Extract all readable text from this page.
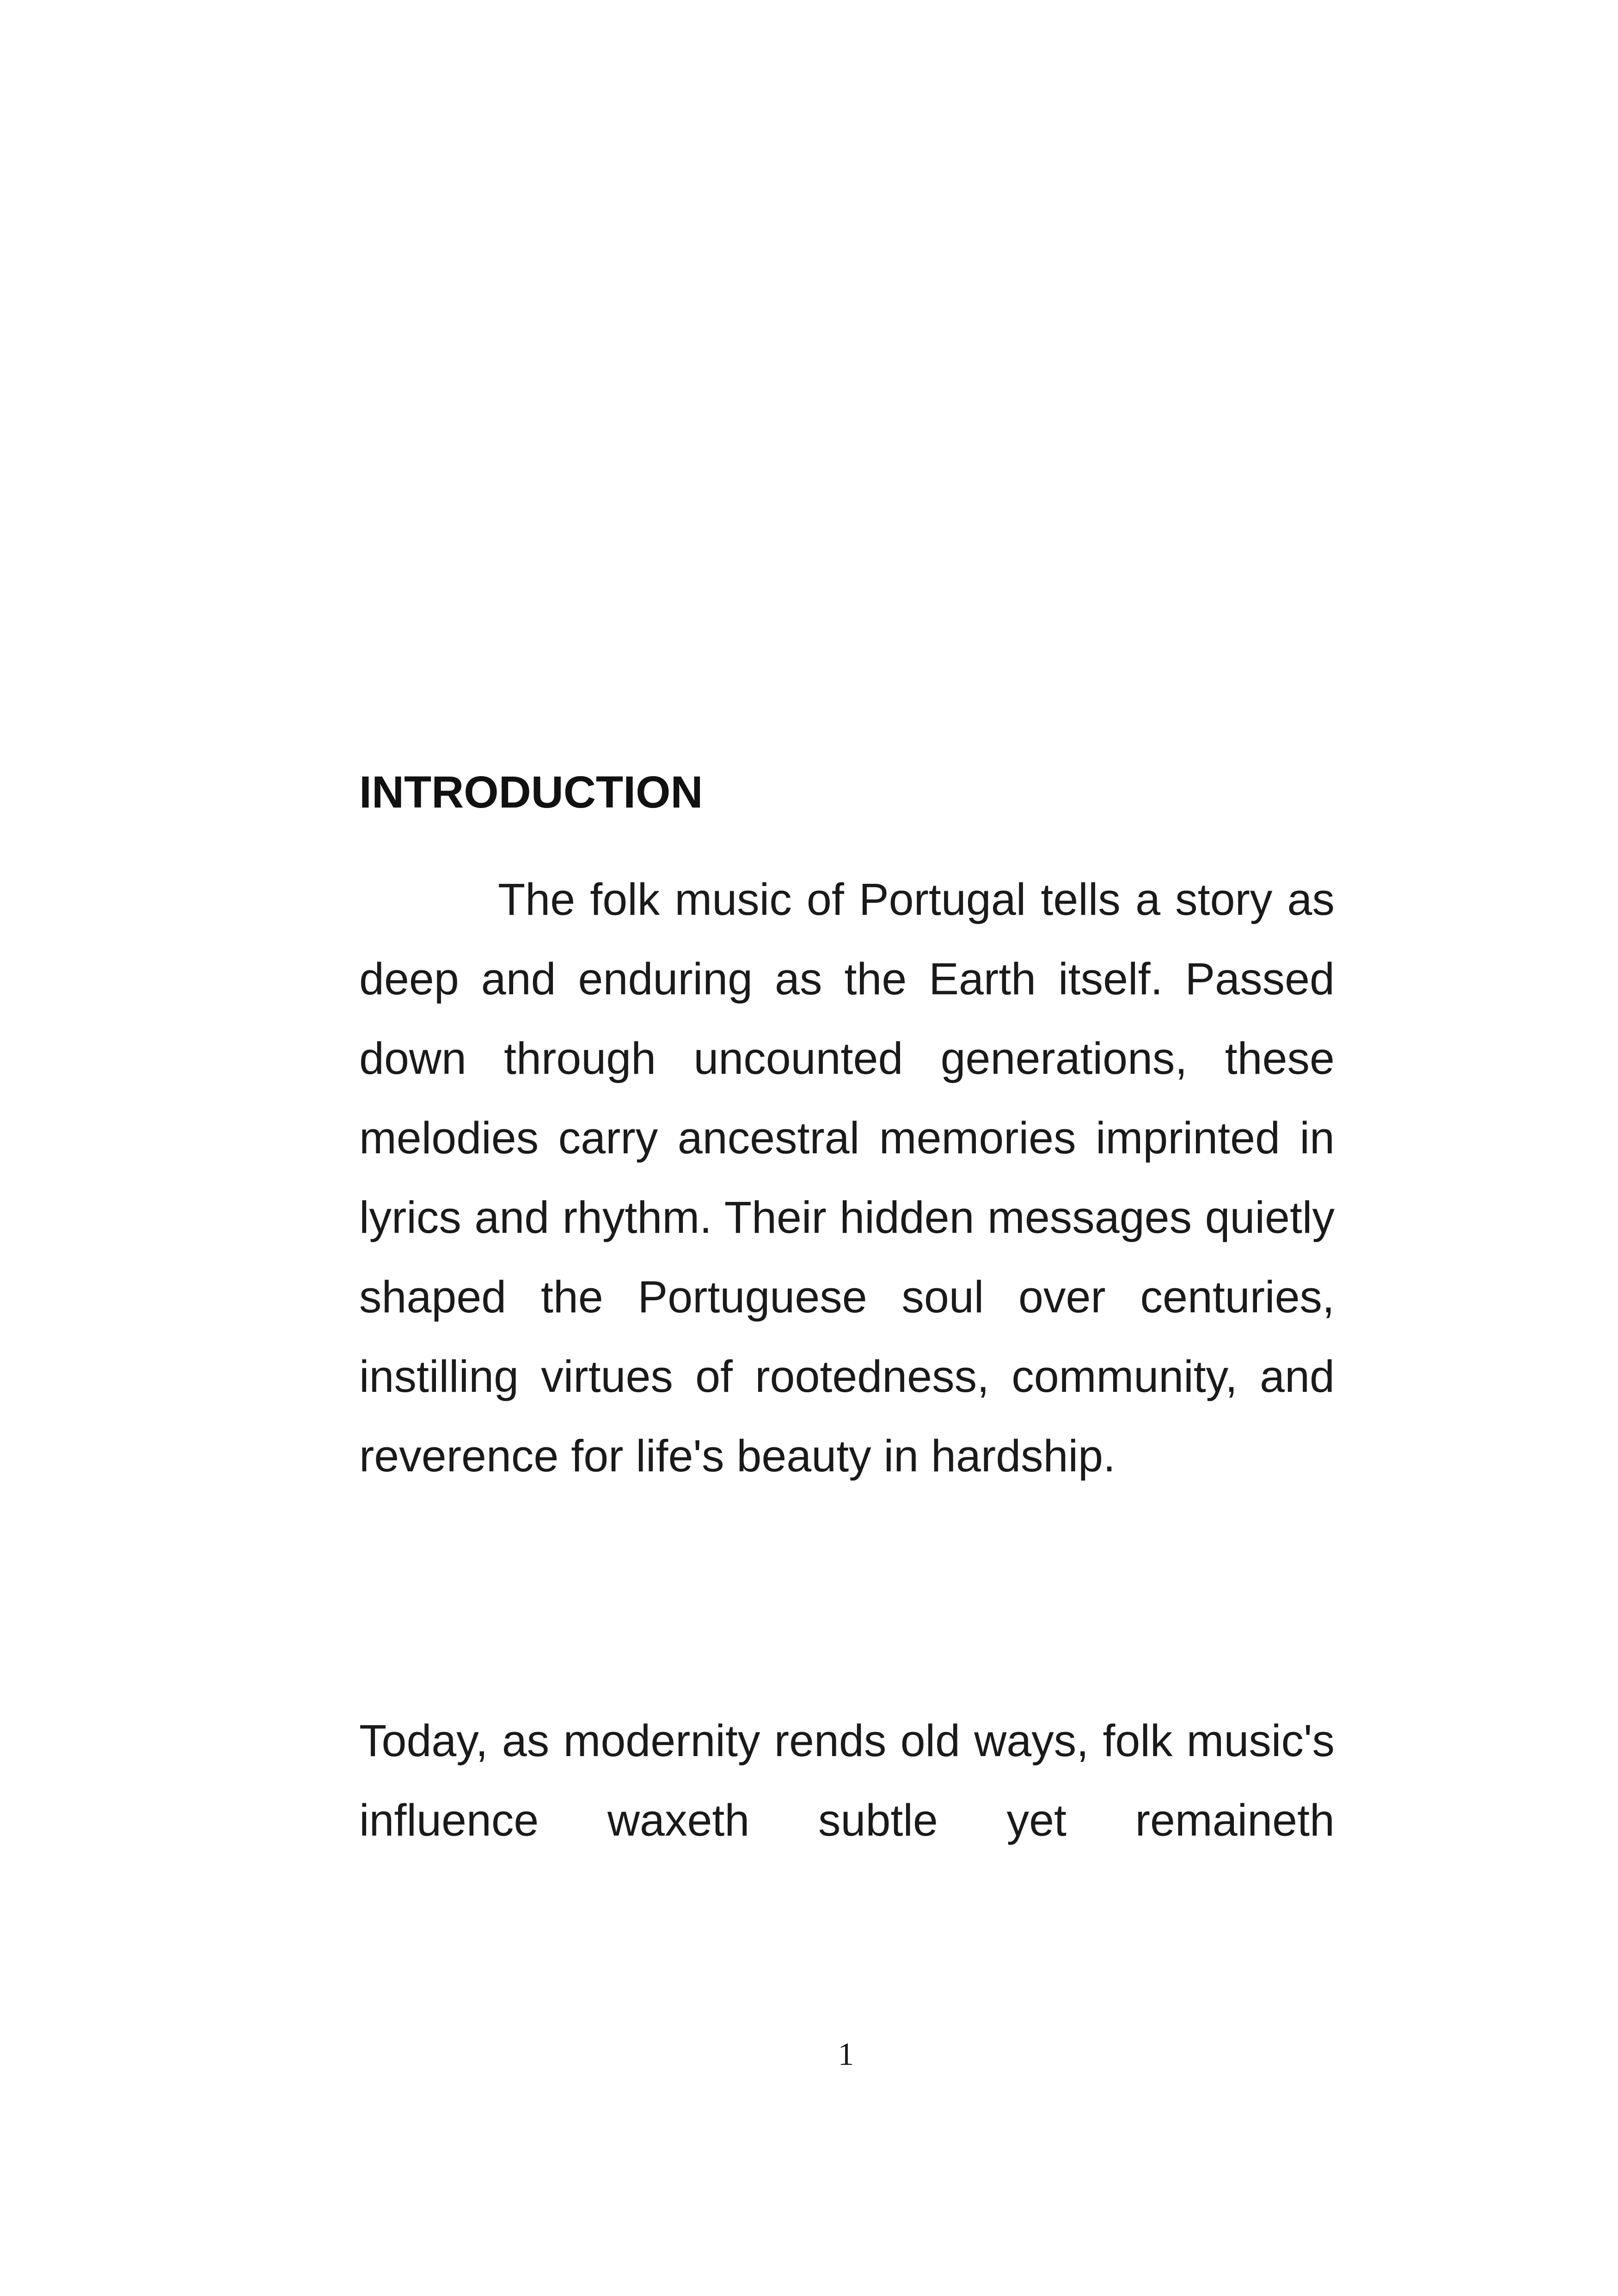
INTRODUCTION

The folk music of Portugal tells a story as deep and enduring as the Earth itself. Passed down through uncounted generations, these melodies carry ancestral memories imprinted in lyrics and rhythm. Their hidden messages quietly shaped the Portuguese soul over centuries, instilling virtues of rootedness, community, and reverence for life's beauty in hardship.

Today, as modernity rends old ways, folk music's influence waxeth subtle yet remaineth

1
